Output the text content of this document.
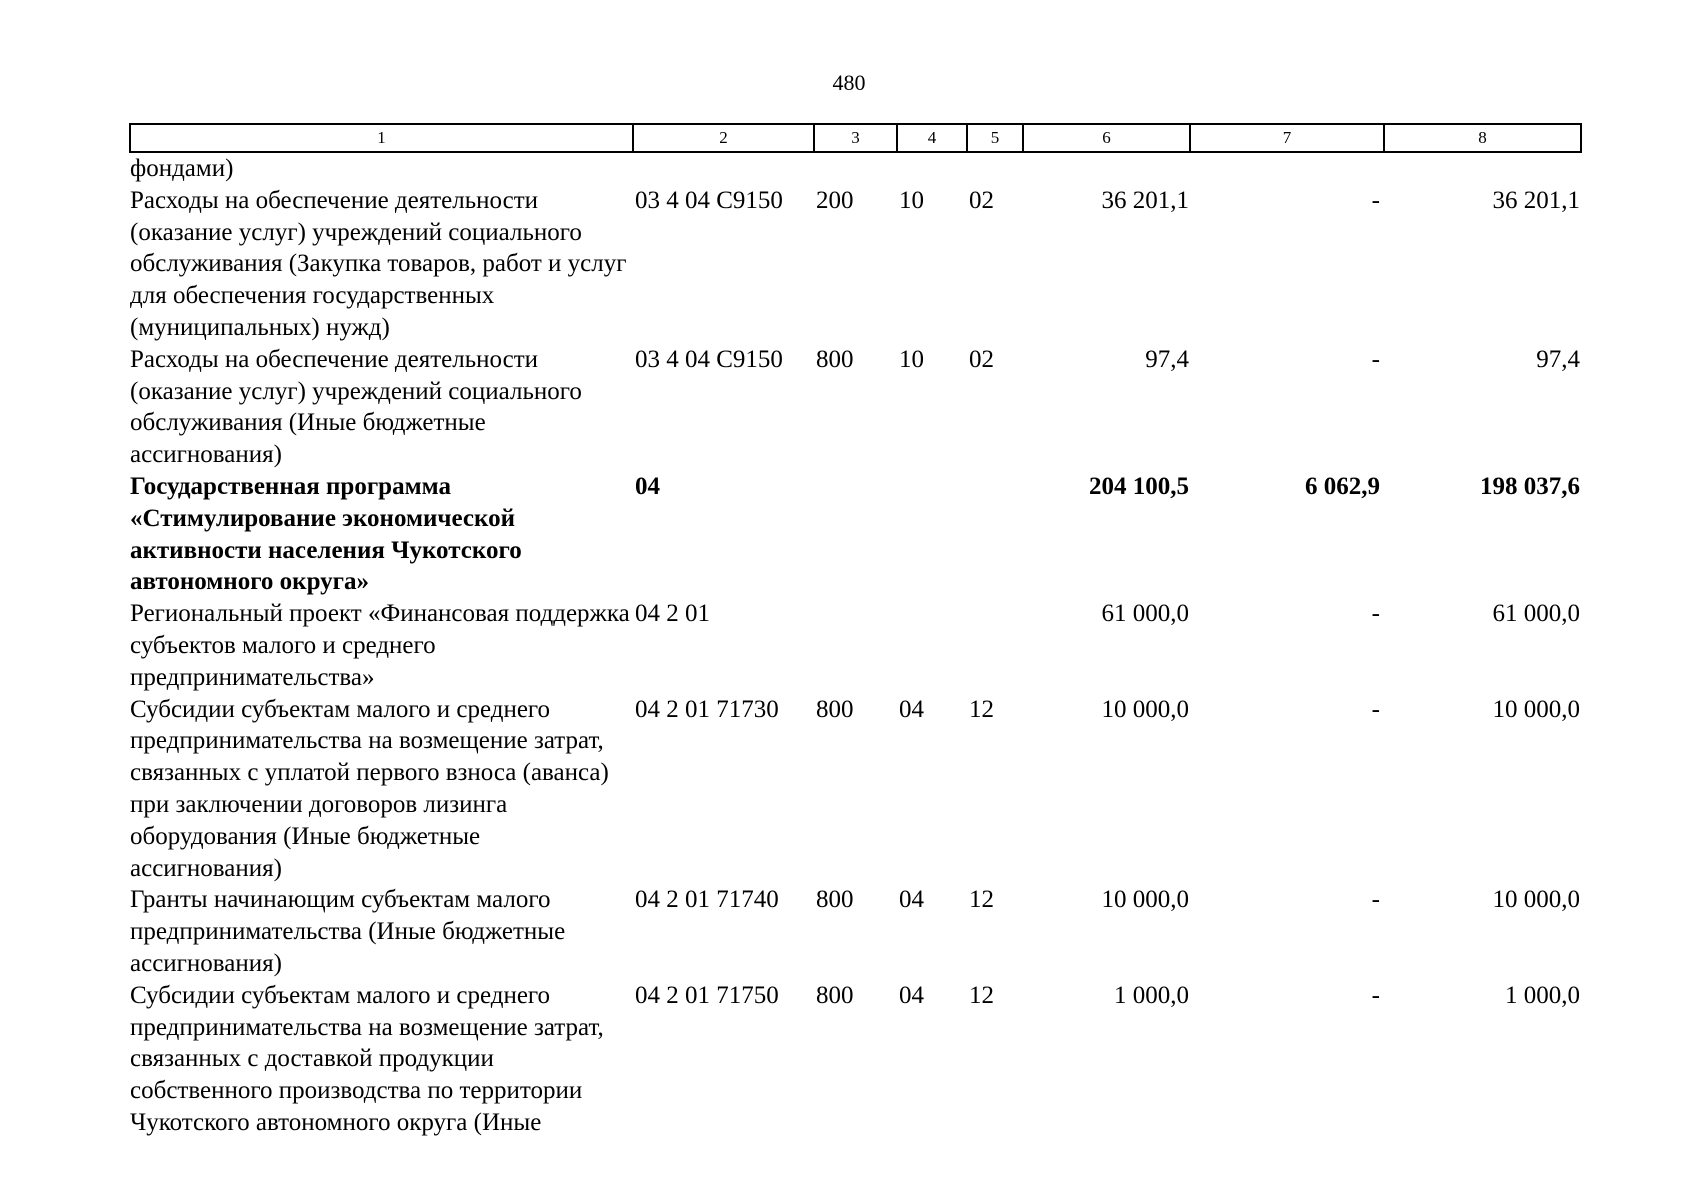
480
1	2	3	4	5	6	7	8
фондами)							
Расходы на обеспечение деятельности (оказание услуг) учреждений социального обслуживания (Закупка товаров, работ и услуг для обеспечения государственных (муниципальных) нужд)	03 4 04 С9150	200	10	02	36 201,1	-	36 201,1
Расходы на обеспечение деятельности (оказание услуг) учреждений социального обслуживания (Иные бюджетные ассигнования)	03 4 04 С9150	800	10	02	97,4	-	97,4
Государственная программа «Стимулирование экономической активности населения Чукотского автономного округа»	04				204 100,5	6 062,9	198 037,6
Региональный проект «Финансовая поддержка субъектов малого и среднего предпринимательства»	04 2 01				61 000,0	-	61 000,0
Субсидии субъектам малого и среднего предпринимательства на возмещение затрат, связанных с уплатой первого взноса (аванса) при заключении договоров лизинга оборудования (Иные бюджетные ассигнования)	04 2 01 71730	800	04	12	10 000,0	-	10 000,0
Гранты начинающим субъектам малого предпринимательства (Иные бюджетные ассигнования)	04 2 01 71740	800	04	12	10 000,0	-	10 000,0
Субсидии субъектам малого и среднего предпринимательства на возмещение затрат, связанных с доставкой продукции собственного производства по территории Чукотского автономного округа (Иные	04 2 01 71750	800	04	12	1 000,0	-	1 000,0
